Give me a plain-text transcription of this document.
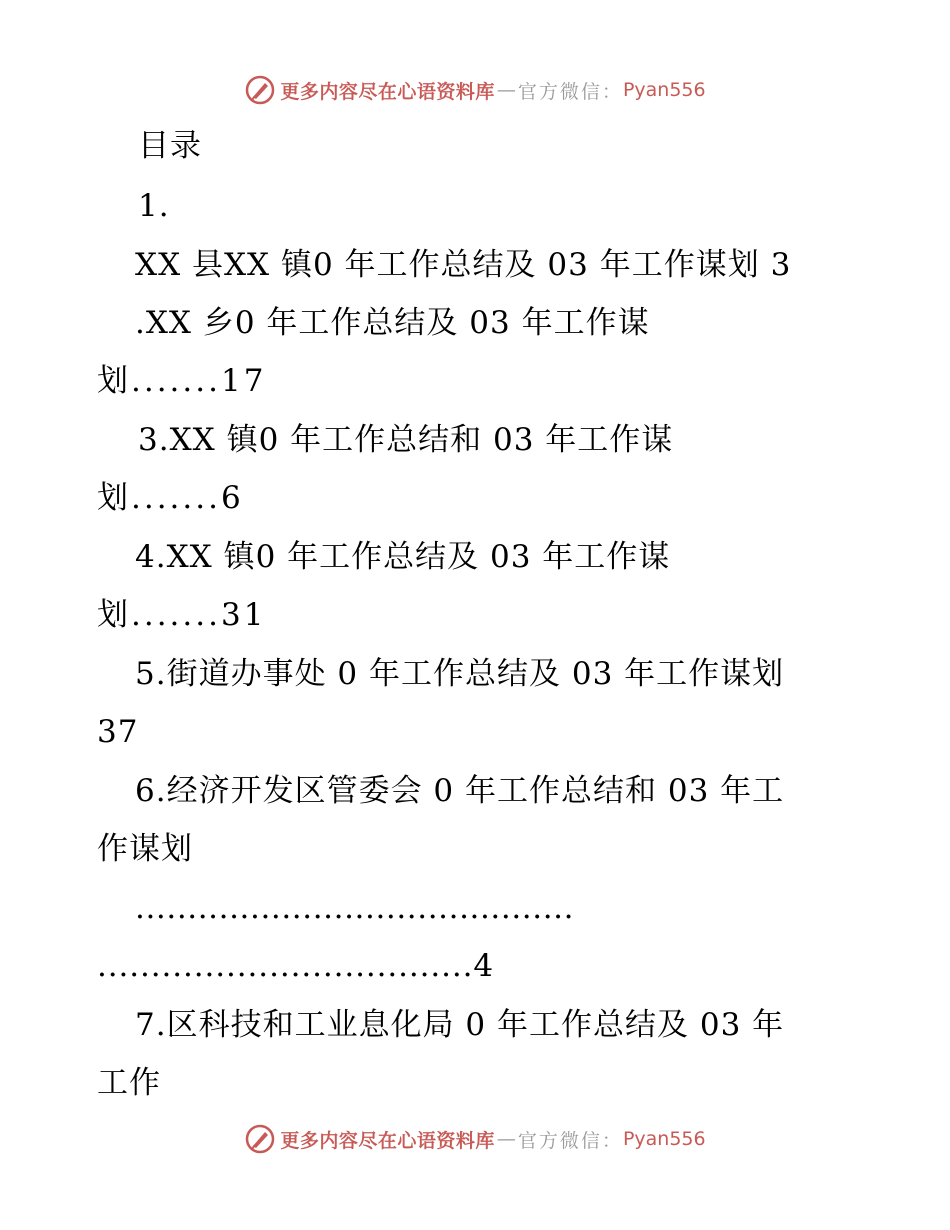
更多内容尽在心语资料库 — 官方微信： Pyan556
目录
1.
XX 县XX 镇0 年工作总结及 03 年工作谋划 3
.XX 乡0 年工作总结及 03 年工作谋
划.......17
3.XX 镇0 年工作总结和 03 年工作谋
划.......6
4.XX 镇0 年工作总结及 03 年工作谋
划.......31
5.街道办事处 0 年工作总结及 03 年工作谋划
37
6.经济开发区管委会 0 年工作总结和 03 年工
作谋划
..........................................
...................................4
7.区科技和工业息化局 0 年工作总结及 03 年
工作
更多内容尽在心语资料库 — 官方微信： Pyan556
